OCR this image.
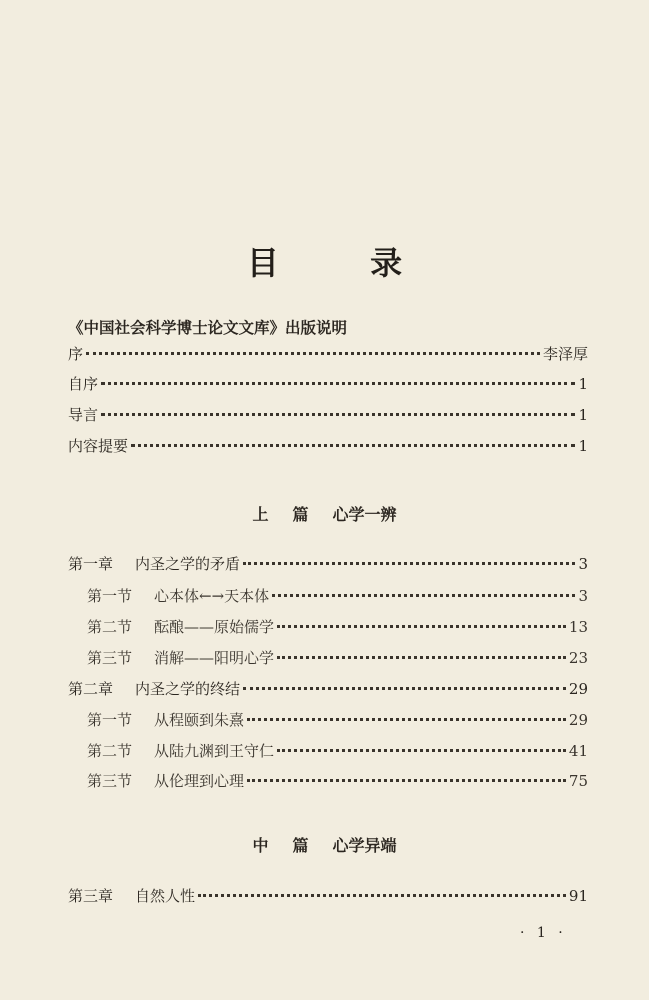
目 录
《中国社会科学博士论文文库》出版说明
序	李泽厚
自序	1
导言	1
内容提要	1
上 篇 心学一辨
第一章 内圣之学的矛盾	3
第一节 心本体←→天本体	3
第二节 酝酿——原始儒学	13
第三节 消解——阳明心学	23
第二章 内圣之学的终结	29
第一节 从程颐到朱熹	29
第二节 从陆九渊到王守仁	41
第三节 从伦理到心理	75
中 篇 心学异端
第三章 自然人性	91
· 1 ·
